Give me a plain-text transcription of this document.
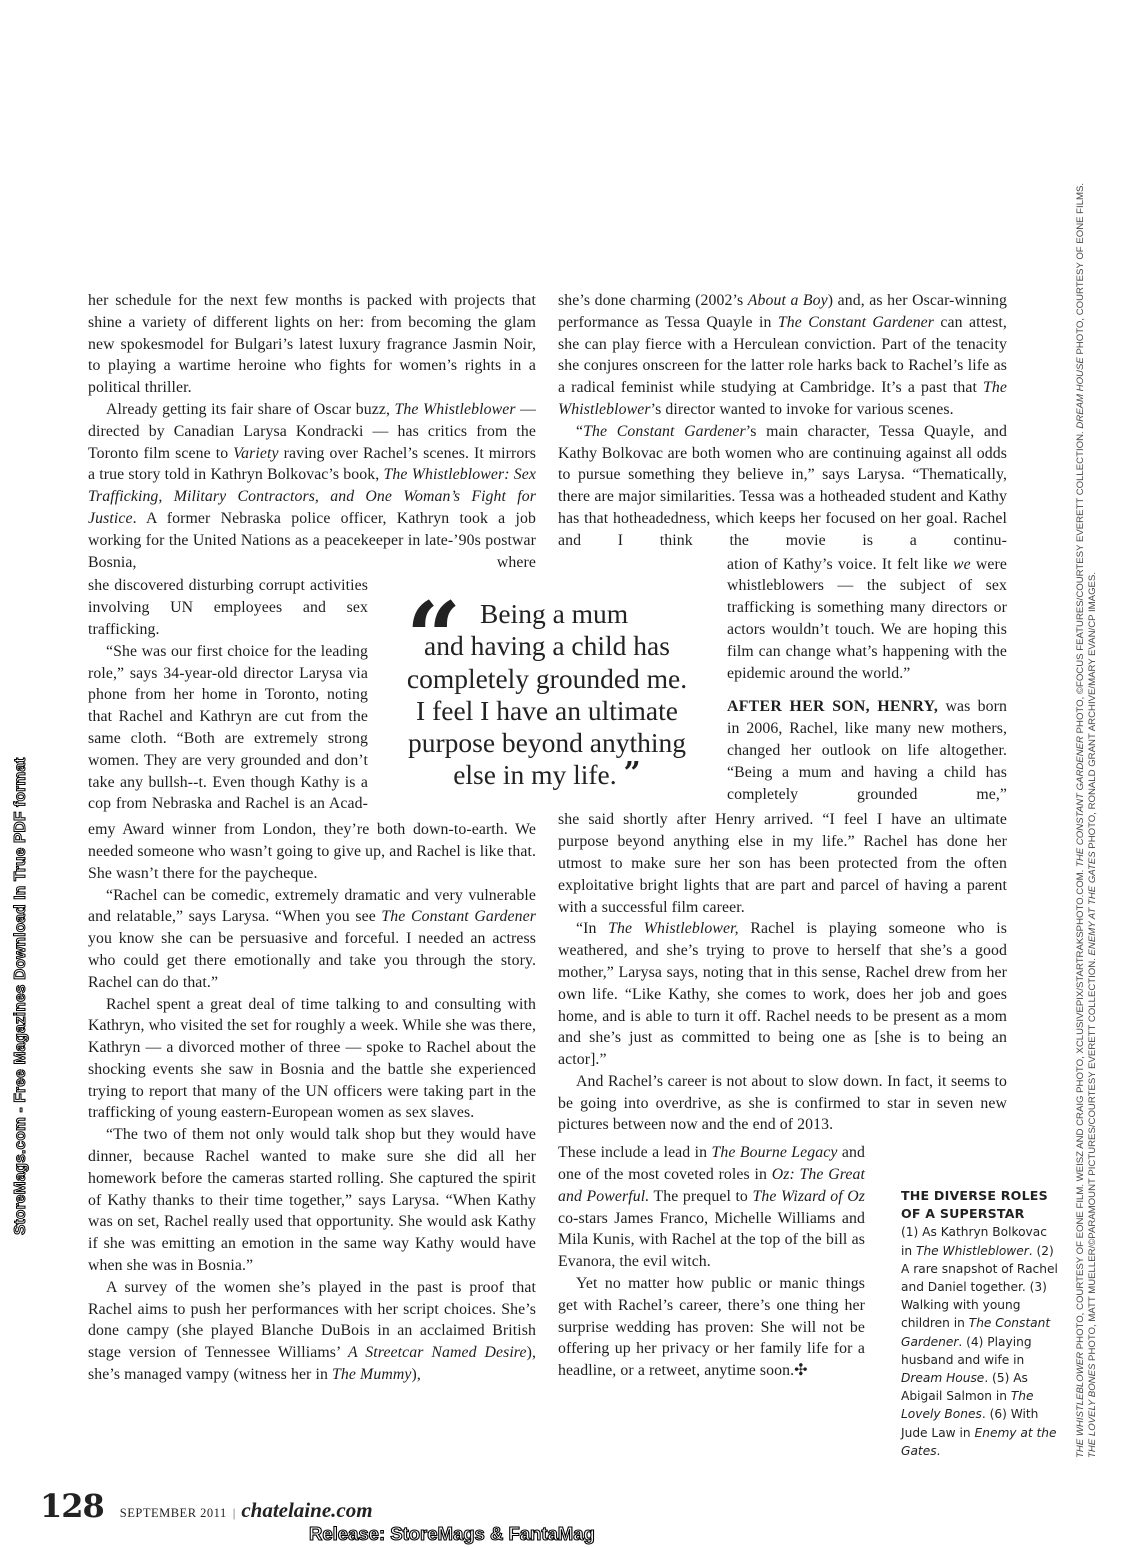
her schedule for the next few months is packed with projects that shine a variety of different lights on her: from becoming the glam new spokesmodel for Bulgari’s latest luxury fragrance Jasmin Noir, to playing a wartime heroine who fights for women’s rights in a political thriller.

Already getting its fair share of Oscar buzz, The Whistleblower — directed by Canadian Larysa Kondracki — has critics from the Toronto film scene to Variety raving over Rachel’s scenes. It mirrors a true story told in Kathryn Bolkovac’s book, The Whistleblower: Sex Trafficking, Military Contractors, and One Woman’s Fight for Justice. A former Nebraska police officer, Kathryn took a job working for the United Nations as a peacekeeper in late-’90s postwar Bosnia, where

she discovered disturbing corrupt activities involving UN employees and sex trafficking.

“She was our first choice for the leading role,” says 34-year-old director Larysa via phone from her home in Toronto, noting that Rachel and Kathryn are cut from the same cloth. “Both are extremely strong women. They are very grounded and don’t take any bullsh--t. Even though Kathy is a cop from Nebraska and Rachel is an Acad-

emy Award winner from London, they’re both down-to-earth. We needed someone who wasn’t going to give up, and Rachel is like that. She wasn’t there for the paycheque.

“Rachel can be comedic, extremely dramatic and very vulnerable and relatable,” says Larysa. “When you see The Constant Gardener you know she can be persuasive and forceful. I needed an actress who could get there emotionally and take you through the story. Rachel can do that.”

Rachel spent a great deal of time talking to and consulting with Kathryn, who visited the set for roughly a week. While she was there, Kathryn — a divorced mother of three — spoke to Rachel about the shocking events she saw in Bosnia and the battle she experienced trying to report that many of the UN officers were taking part in the trafficking of young eastern-European women as sex slaves.

“The two of them not only would talk shop but they would have dinner, because Rachel wanted to make sure she did all her homework before the cameras started rolling. She captured the spirit of Kathy thanks to their time together,” says Larysa. “When Kathy was on set, Rachel really used that opportunity. She would ask Kathy if she was emitting an emotion in the same way Kathy would have when she was in Bosnia.”

A survey of the women she’s played in the past is proof that Rachel aims to push her performances with her script choices. She’s done campy (she played Blanche DuBois in an acclaimed British stage version of Tennessee Williams’ A Streetcar Named Desire), she’s managed vampy (witness her in The Mummy),

she’s done charming (2002’s About a Boy) and, as her Oscar-winning performance as Tessa Quayle in The Constant Gardener can attest, she can play fierce with a Herculean conviction. Part of the tenacity she conjures onscreen for the latter role harks back to Rachel’s life as a radical feminist while studying at Cambridge. It’s a past that The Whistleblower’s director wanted to invoke for various scenes.

“The Constant Gardener’s main character, Tessa Quayle, and Kathy Bolkovac are both women who are continuing against all odds to pursue something they believe in,” says Larysa. “Thematically, there are major similarities. Tessa was a hotheaded student and Kathy has that hotheadedness, which keeps her focused on her goal. Rachel and I think the movie is a continu-

ation of Kathy’s voice. It felt like we were whistleblowers — the subject of sex trafficking is something many directors or actors wouldn’t touch. We are hoping this film can change what’s happening with the epidemic around the world.”

AFTER HER SON, HENRY, was born in 2006, Rachel, like many new mothers, changed her outlook on life altogether. “Being a mum and having a child has completely grounded me,”

she said shortly after Henry arrived. “I feel I have an ultimate purpose beyond anything else in my life.” Rachel has done her utmost to make sure her son has been protected from the often exploitative bright lights that are part and parcel of having a parent with a successful film career.

“In The Whistleblower, Rachel is playing someone who is weathered, and she’s trying to prove to herself that she’s a good mother,” Larysa says, noting that in this sense, Rachel drew from her own life. “Like Kathy, she comes to work, does her job and goes home, and is able to turn it off. Rachel needs to be present as a mom and she’s just as committed to being one as [she is to being an actor].”

And Rachel’s career is not about to slow down. In fact, it seems to be going into overdrive, as she is confirmed to star in seven new pictures between now and the end of 2013.

These include a lead in The Bourne Legacy and one of the most coveted roles in Oz: The Great and Powerful. The prequel to The Wizard of Oz co-stars James Franco, Michelle Williams and Mila Kunis, with Rachel at the top of the bill as Evanora, the evil witch.

Yet no matter how public or manic things get with Rachel’s career, there’s one thing her surprise wedding has proven: She will not be offering up her privacy or her family life for a headline, or a retweet, anytime soon.✣

“ Being a mum
and having a child has
completely grounded me.
I feel I have an ultimate
purpose beyond anything
else in my life. ”
THE DIVERSE ROLES OF A SUPERSTAR
(1) As Kathryn Bolkovac in The Whistleblower. (2) A rare snapshot of Rachel and Daniel together. (3) Walking with young children in The Constant Gardener. (4) Playing husband and wife in Dream House. (5) As Abigail Salmon in The Lovely Bones. (6) With Jude Law in Enemy at the Gates.	THE WHISTLEBLOWER PHOTO, COURTESY OF EONE FILM. WEISZ AND CRAIG PHOTO, XCLUSIVEPIX/STARTRAKSPHOTO.COM. THE CONSTANT GARDENER PHOTO, ©FOCUS FEATURES/COURTESY EVERETT COLLECTION. DREAM HOUSE PHOTO, COURTESY OF EONE FILMS.
THE LOVELY BONES PHOTO, MATT MUELLER/©PARAMOUNT PICTURES/COURTESY EVERETT COLLECTION. ENEMY AT THE GATES PHOTO, RONALD GRANT ARCHIVE/MARY EVAN/CP IMAGES.
StoreMags.com - Free Magazines Download In True PDF format
128 SEPTEMBER 2011 | chatelaine.com
Release: StoreMags & FantaMag
